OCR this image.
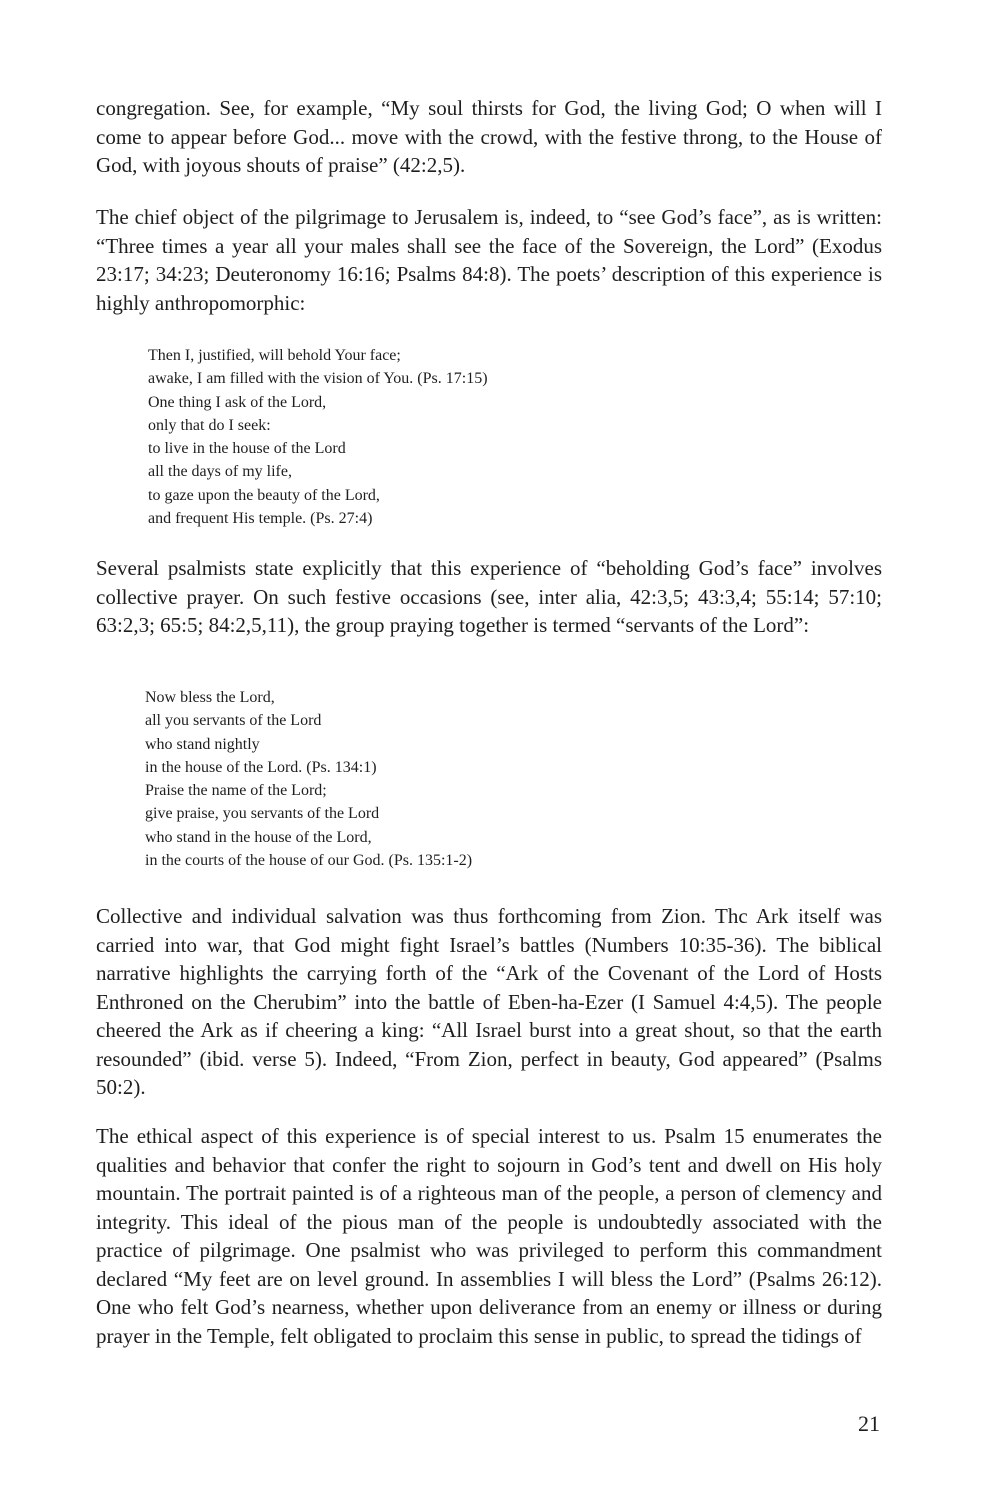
congregation. See, for example, “My soul thirsts for God, the living God; O when will I come to appear before God... move with the crowd, with the festive throng, to the House of God, with joyous shouts of praise” (42:2,5).

The chief object of the pilgrimage to Jerusalem is, indeed, to “see God’s face”, as is written: “Three times a year all your males shall see the face of the Sovereign, the Lord” (Exodus 23:17; 34:23; Deuteronomy 16:16; Psalms 84:8). The poets’ description of this experience is highly anthropomorphic:

Then I, justified, will behold Your face;
awake, I am filled with the vision of You. (Ps. 17:15)
One thing I ask of the Lord,
only that do I seek:
to live in the house of the Lord
all the days of my life,
to gaze upon the beauty of the Lord,
and frequent His temple. (Ps. 27:4)

Several psalmists state explicitly that this experience of “beholding God’s face” involves collective prayer. On such festive occasions (see, inter alia, 42:3,5; 43:3,4; 55:14; 57:10; 63:2,3; 65:5; 84:2,5,11), the group praying together is termed “servants of the Lord”:

Now bless the Lord,
all you servants of the Lord
who stand nightly
in the house of the Lord. (Ps. 134:1)
Praise the name of the Lord;
give praise, you servants of the Lord
who stand in the house of the Lord,
in the courts of the house of our God. (Ps. 135:1-2)

Collective and individual salvation was thus forthcoming from Zion. Thc Ark itself was carried into war, that God might fight Israel’s battles (Numbers 10:35-36). The biblical narrative highlights the carrying forth of the “Ark of the Covenant of the Lord of Hosts Enthroned on the Cherubim” into the battle of Eben-ha-Ezer (I Samuel 4:4,5). The people cheered the Ark as if cheering a king: “All Israel burst into a great shout, so that the earth resounded” (ibid. verse 5). Indeed, “From Zion, perfect in beauty, God appeared” (Psalms 50:2).

The ethical aspect of this experience is of special interest to us. Psalm 15 enumerates the qualities and behavior that confer the right to sojourn in God’s tent and dwell on His holy mountain. The portrait painted is of a righteous man of the people, a person of clemency and integrity. This ideal of the pious man of the people is undoubtedly associated with the practice of pilgrimage. One psalmist who was privileged to perform this commandment declared “My feet are on level ground. In assemblies I will bless the Lord” (Psalms 26:12). One who felt God’s nearness, whether upon deliverance from an enemy or illness or during prayer in the Temple, felt obligated to proclaim this sense in public, to spread the tidings of

21
